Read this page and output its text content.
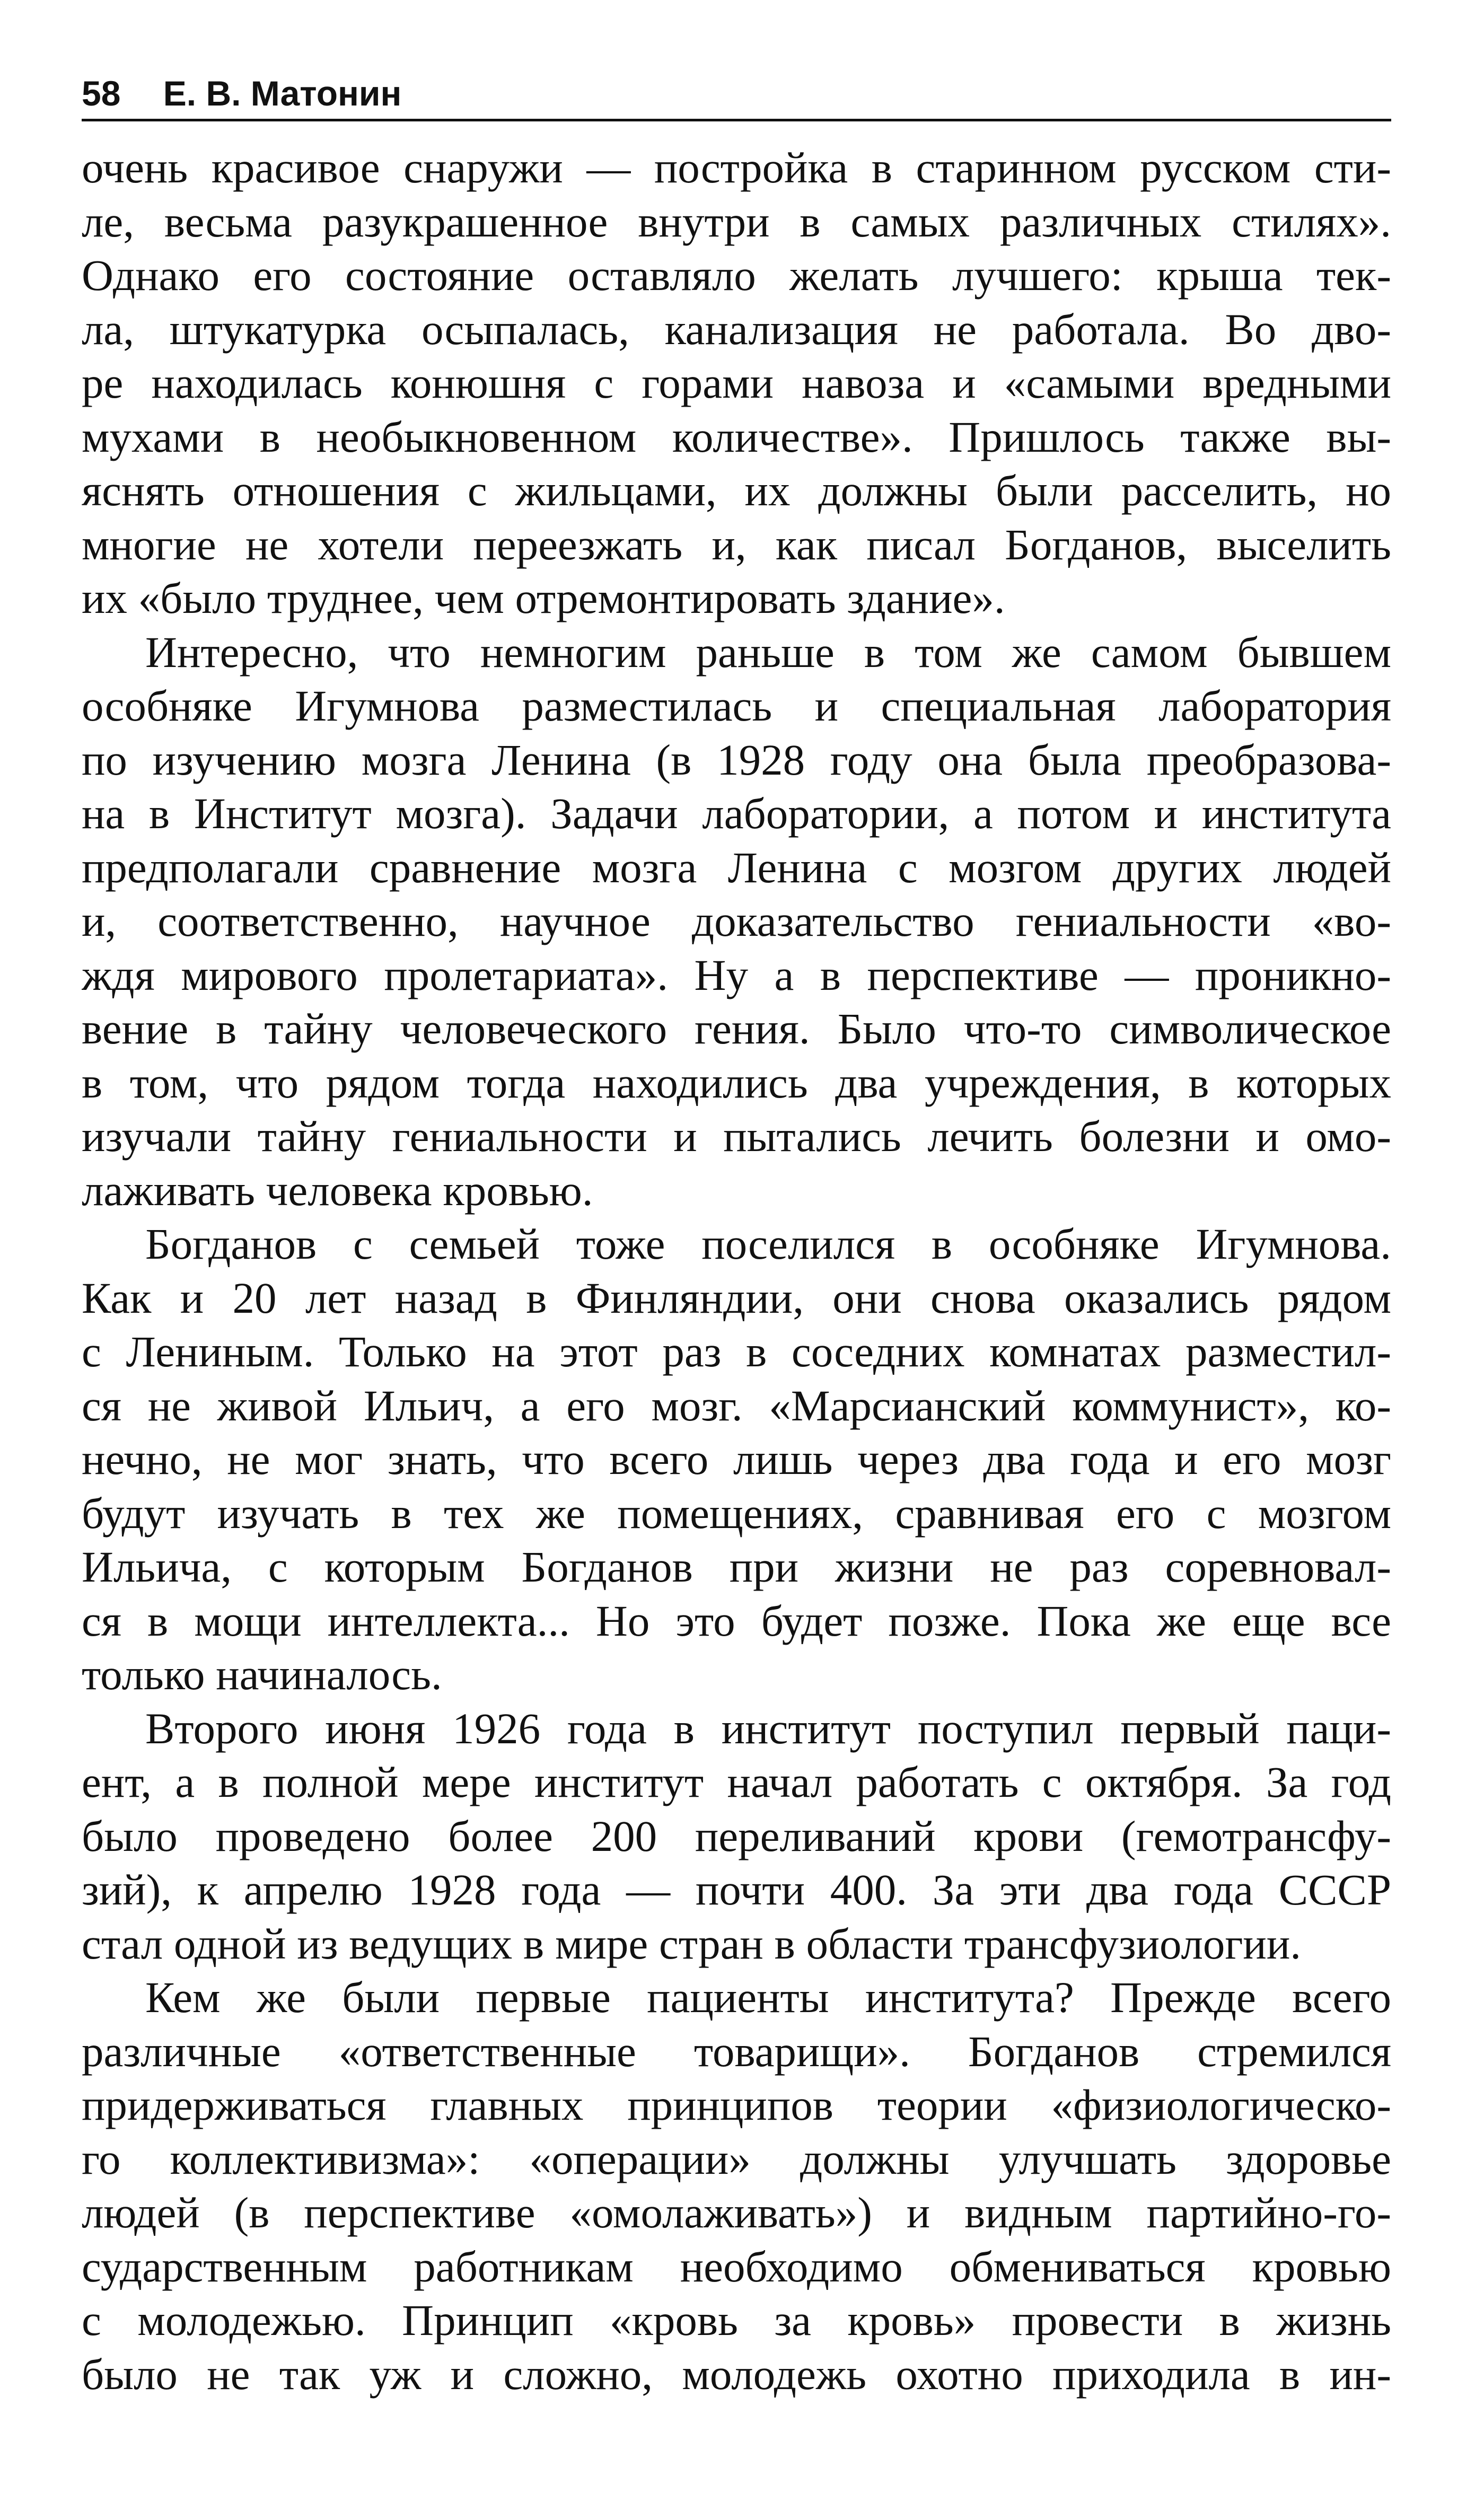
58 Е. В. Матонин

очень красивое снаружи — постройка в старинном русском сти-
ле, весьма разукрашенное внутри в самых различных стилях».
Однако его состояние оставляло желать лучшего: крыша тек-
ла, штукатурка осыпалась, канализация не работала. Во дво-
ре находилась конюшня с горами навоза и «самыми вредными
мухами в необыкновенном количестве». Пришлось также вы-
яснять отношения с жильцами, их должны были расселить, но
многие не хотели переезжать и, как писал Богданов, выселить
их «было труднее, чем отремонтировать здание».

Интересно, что немногим раньше в том же самом бывшем
особняке Игумнова разместилась и специальная лаборатория
по изучению мозга Ленина (в 1928 году она была преобразова-
на в Институт мозга). Задачи лаборатории, а потом и института
предполагали сравнение мозга Ленина с мозгом других людей
и, соответственно, научное доказательство гениальности «во-
ждя мирового пролетариата». Ну а в перспективе — проникно-
вение в тайну человеческого гения. Было что-то символическое
в том, что рядом тогда находились два учреждения, в которых
изучали тайну гениальности и пытались лечить болезни и омо-
лаживать человека кровью.

Богданов с семьей тоже поселился в особняке Игумнова.
Как и 20 лет назад в Финляндии, они снова оказались рядом
с Лениным. Только на этот раз в соседних комнатах разместил-
ся не живой Ильич, а его мозг. «Марсианский коммунист», ко-
нечно, не мог знать, что всего лишь через два года и его мозг
будут изучать в тех же помещениях, сравнивая его с мозгом
Ильича, с которым Богданов при жизни не раз соревновал-
ся в мощи интеллекта... Но это будет позже. Пока же еще все
только начиналось.

Второго июня 1926 года в институт поступил первый паци-
ент, а в полной мере институт начал работать с октября. За год
было проведено более 200 переливаний крови (гемотрансфу-
зий), к апрелю 1928 года — почти 400. За эти два года СССР
стал одной из ведущих в мире стран в области трансфузиологии.

Кем же были первые пациенты института? Прежде всего
различные «ответственные товарищи». Богданов стремился
придерживаться главных принципов теории «физиологическо-
го коллективизма»: «операции» должны улучшать здоровье
людей (в перспективе «омолаживать») и видным партийно-го-
сударственным работникам необходимо обмениваться кровью
с молодежью. Принцип «кровь за кровь» провести в жизнь
было не так уж и сложно, молодежь охотно приходила в ин-
